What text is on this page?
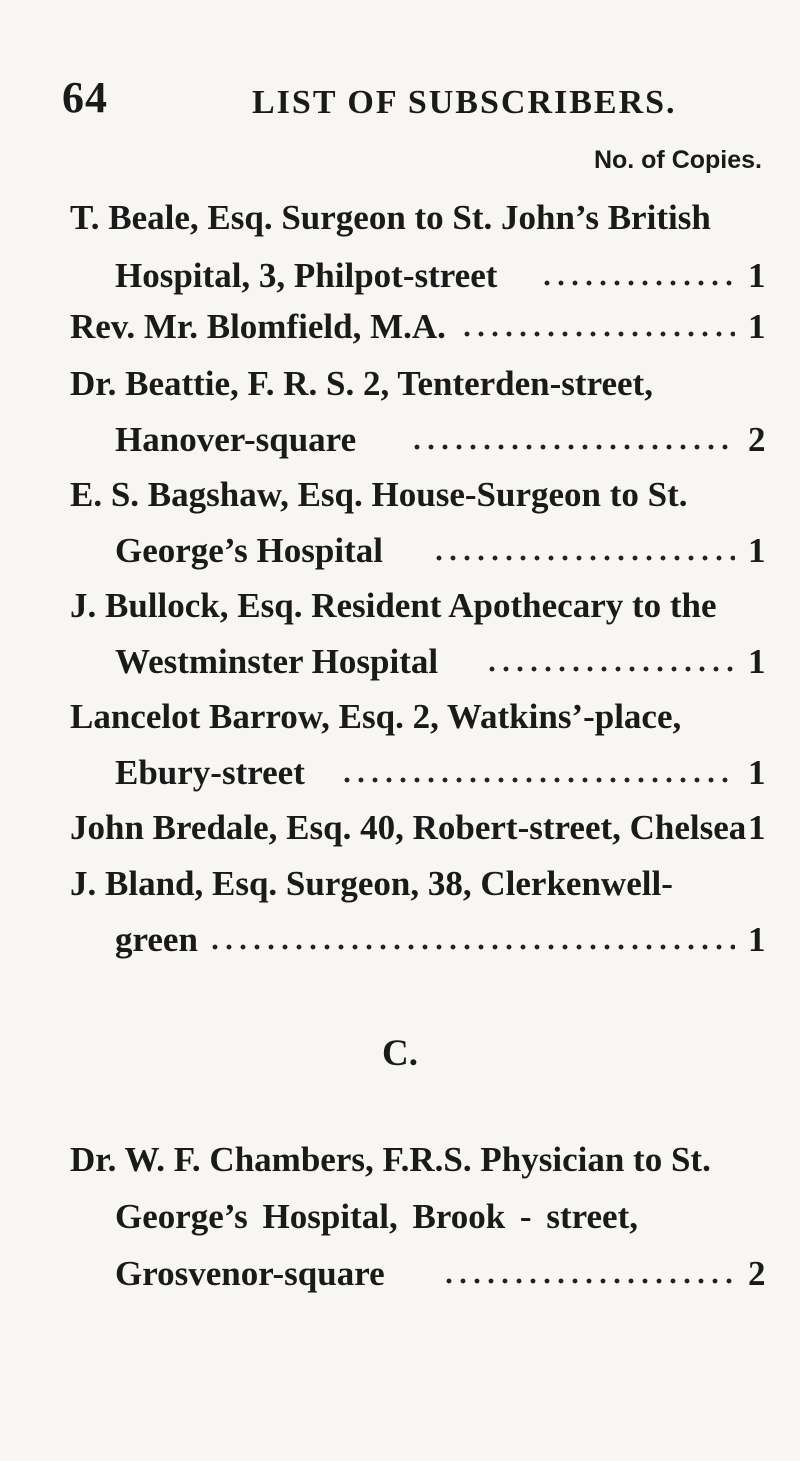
64	LIST OF SUBSCRIBERS.
No. of Copies.
T. Beale, Esq. Surgeon to St. John’s British
Hospital, 3, Philpot-street	1
Rev. Mr. Blomfield, M.A.	1
Dr. Beattie, F. R. S. 2, Tenterden-street,
Hanover-square	2
E. S. Bagshaw, Esq. House-Surgeon to St.
George’s Hospital	1
J. Bullock, Esq. Resident Apothecary to the
Westminster Hospital	1
Lancelot Barrow, Esq. 2, Watkins’-place,
Ebury-street	1
John Bredale, Esq. 40, Robert-street, Chelsea 1
J. Bland, Esq. Surgeon, 38, Clerkenwell-
green	1
C.
Dr. W. F. Chambers, F.R.S. Physician to St.
George’s Hospital, Brook - street,
Grosvenor-square	2
